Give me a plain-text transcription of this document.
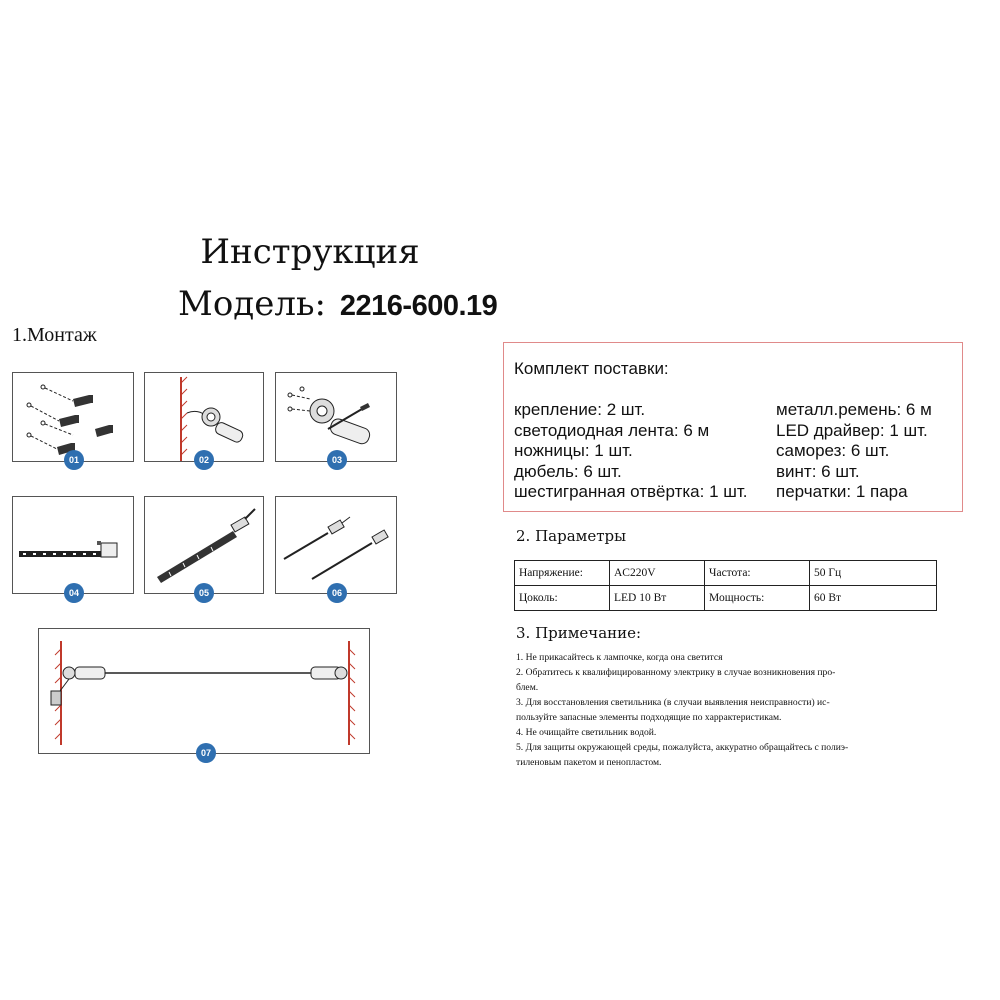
Инструкция
Модель: 2216-600.19
1.Монтаж
01	02	03
04	05	06
07
Комплект поставки:
крепление: 2 шт.
светодиодная лента: 6 м
ножницы: 1 шт.
дюбель: 6 шт.
шестигранная отвёртка: 1 шт.
металл.ремень: 6 м
LED драйвер: 1 шт.
саморез: 6 шт.
винт: 6 шт.
перчатки: 1 пара
2. Параметры
Напряжение:	AC220V	Частота:	50 Гц
Цоколь:	LED 10 Вт	Мощность:	60 Вт
3. Примечание:
1. Не прикасайтесь к лампочке, когда она светится
2. Обратитесь к квалифицированному электрику в случае возникновения про-
блем.
3. Для восстановления светильника (в случаи выявления неисправности) ис-
пользуйте запасные элементы подходящие по харрактеристикам.
4. Не очищайте светильник водой.
5. Для защиты окружающей среды, пожалуйста, аккуратно обращайтесь с полиэ-
тиленовым пакетом и пенопластом.
